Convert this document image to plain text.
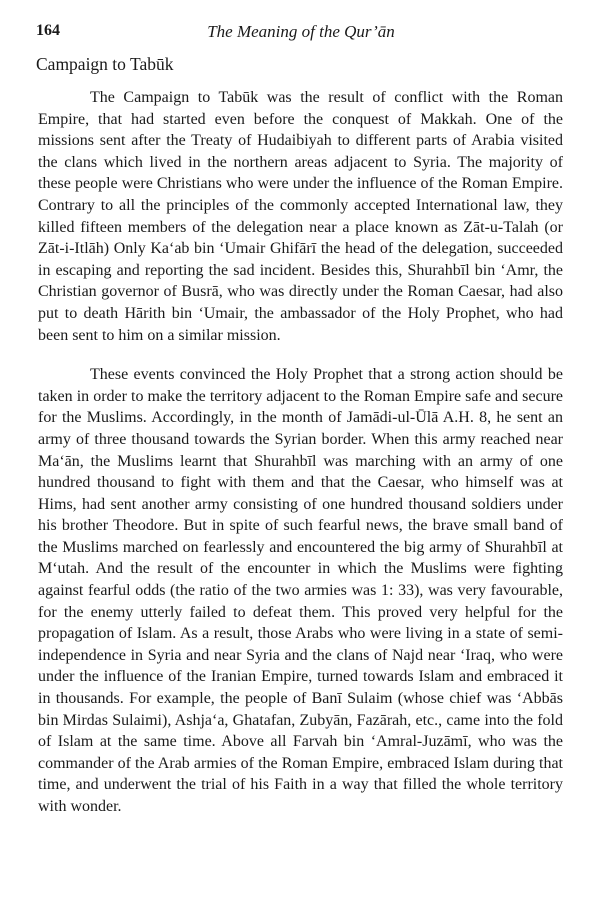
164	The Meaning of the Qur’ān
Campaign to Tabūk

The Campaign to Tabūk was the result of conflict with the Roman Empire, that had started even before the conquest of Makkah. One of the missions sent after the Treaty of Hudaibiyah to different parts of Arabia visited the clans which lived in the northern areas adjacent to Syria. The majority of these people were Christians who were under the influence of the Roman Empire. Contrary to all the principles of the commonly accepted International law, they killed fifteen members of the delegation near a place known as Zāt-u-Talah (or Zāt-i-Itlāh) Only Ka‘ab bin ‘Umair Ghifārī the head of the delegation, succeeded in escaping and reporting the sad incident. Besides this, Shurahbīl bin ‘Amr, the Christian governor of Busrā, who was directly under the Roman Caesar, had also put to death Hārith bin ‘Umair, the ambassador of the Holy Prophet, who had been sent to him on a similar mission.

These events convinced the Holy Prophet that a strong action should be taken in order to make the territory adjacent to the Roman Empire safe and secure for the Muslims. Accordingly, in the month of Jamādi-ul-Ūlā A.H. 8, he sent an army of three thousand towards the Syrian border. When this army reached near Ma‘ān, the Muslims learnt that Shurahbīl was marching with an army of one hundred thousand to fight with them and that the Caesar, who himself was at Hims, had sent another army consisting of one hundred thousand soldiers under his brother Theodore. But in spite of such fearful news, the brave small band of the Muslims marched on fearlessly and encountered the big army of Shurahbīl at M‘utah. And the result of the encounter in which the Muslims were fighting against fearful odds (the ratio of the two armies was 1: 33), was very favourable, for the enemy utterly failed to defeat them. This proved very helpful for the propagation of Islam. As a result, those Arabs who were living in a state of semi-independence in Syria and near Syria and the clans of Najd near ‘Iraq, who were under the influence of the Iranian Empire, turned towards Islam and embraced it in thousands. For example, the people of Banī Sulaim (whose chief was ‘Abbās bin Mirdas Sulaimi), Ashja‘a, Ghatafan, Zubyān, Fazārah, etc., came into the fold of Islam at the same time. Above all Farvah bin ‘Amral-Juzāmī, who was the commander of the Arab armies of the Roman Empire, embraced Islam during that time, and underwent the trial of his Faith in a way that filled the whole territory with wonder.
